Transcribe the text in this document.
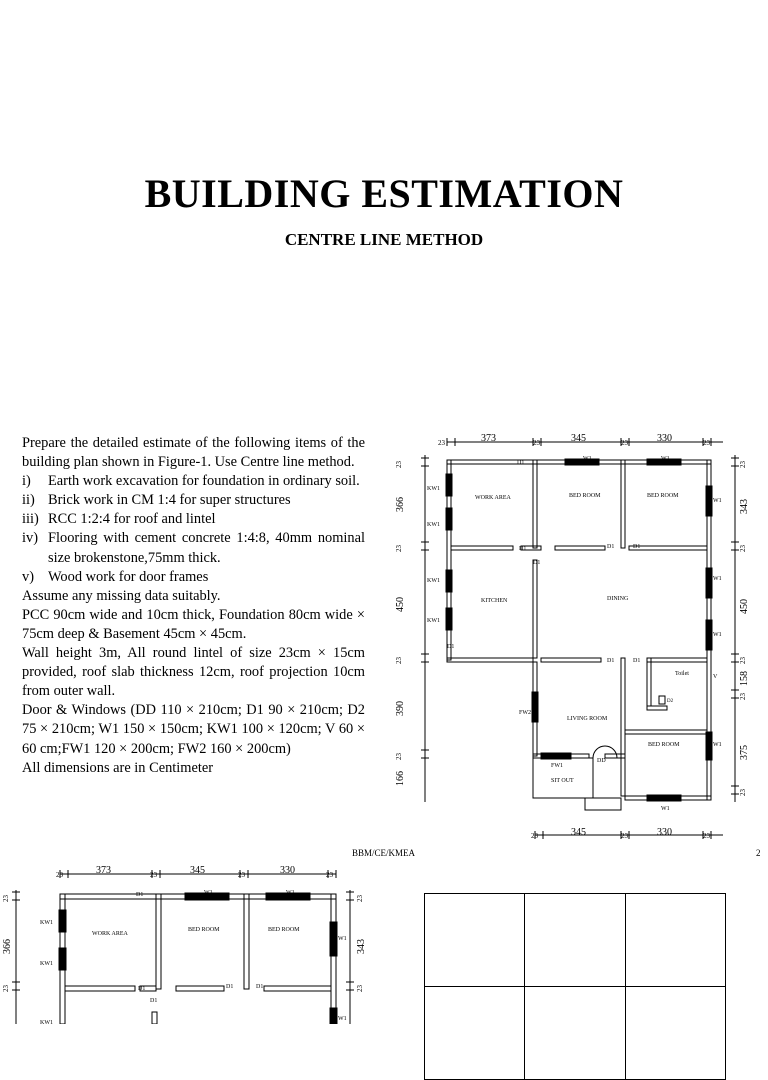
BUILDING ESTIMATION
CENTRE LINE METHOD

Prepare the detailed estimate of the following items of the building plan shown in Figure-1. Use Centre line method.

i)	Earth work excavation for foundation in ordinary soil.
ii) Brick work in CM 1:4 for super structures
iii) RCC 1:2:4 for roof and lintel
iv) Flooring with cement concrete 1:4:8, 40mm nominal size brokenstone,75mm thick.
v) Wood work for door frames

Assume any missing data suitably.

PCC 90cm wide and 10cm thick, Foundation 80cm wide × 75cm deep & Basement 45cm × 45cm.

Wall height 3m, All round lintel of size 23cm × 15cm provided, roof slab thickness 12cm, roof projection 10cm from outer wall.

Door & Windows (DD 110 × 210cm; D1 90 × 210cm; D2 75 × 210cm; W1 150 × 150cm; KW1 100 × 120cm; V 60 × 60 cm;FW1 120 × 200cm; FW2 160 × 200cm)

All dimensions are in Centimeter

23	373	23	345	23	330	23
23	345	23	330	23
WORK AREA	BED ROOM	BED ROOM
KITCHEN	DINING
LIVING ROOM
BED ROOM
Toilet
SIT OUT
D1
W1	W1
KW1
KW1
W1
D1	D1	D1
D1
KW1
KW1
D1
W1
W1
D1	D1
V
D2
FW2
W1
DD
FW1
W1
366
450
390
166
23
23
23
23
343
450
158
375
23
23
23
23
23
BBM/CE/KMEA	2
23	373	23	345	23	330	23
WORK AREA
BED ROOM	BED ROOM
D1	W1	W1
KW1
KW1
KW1
W1
W1
D1	D1	D1
D1
366
23
23
343
23
23
